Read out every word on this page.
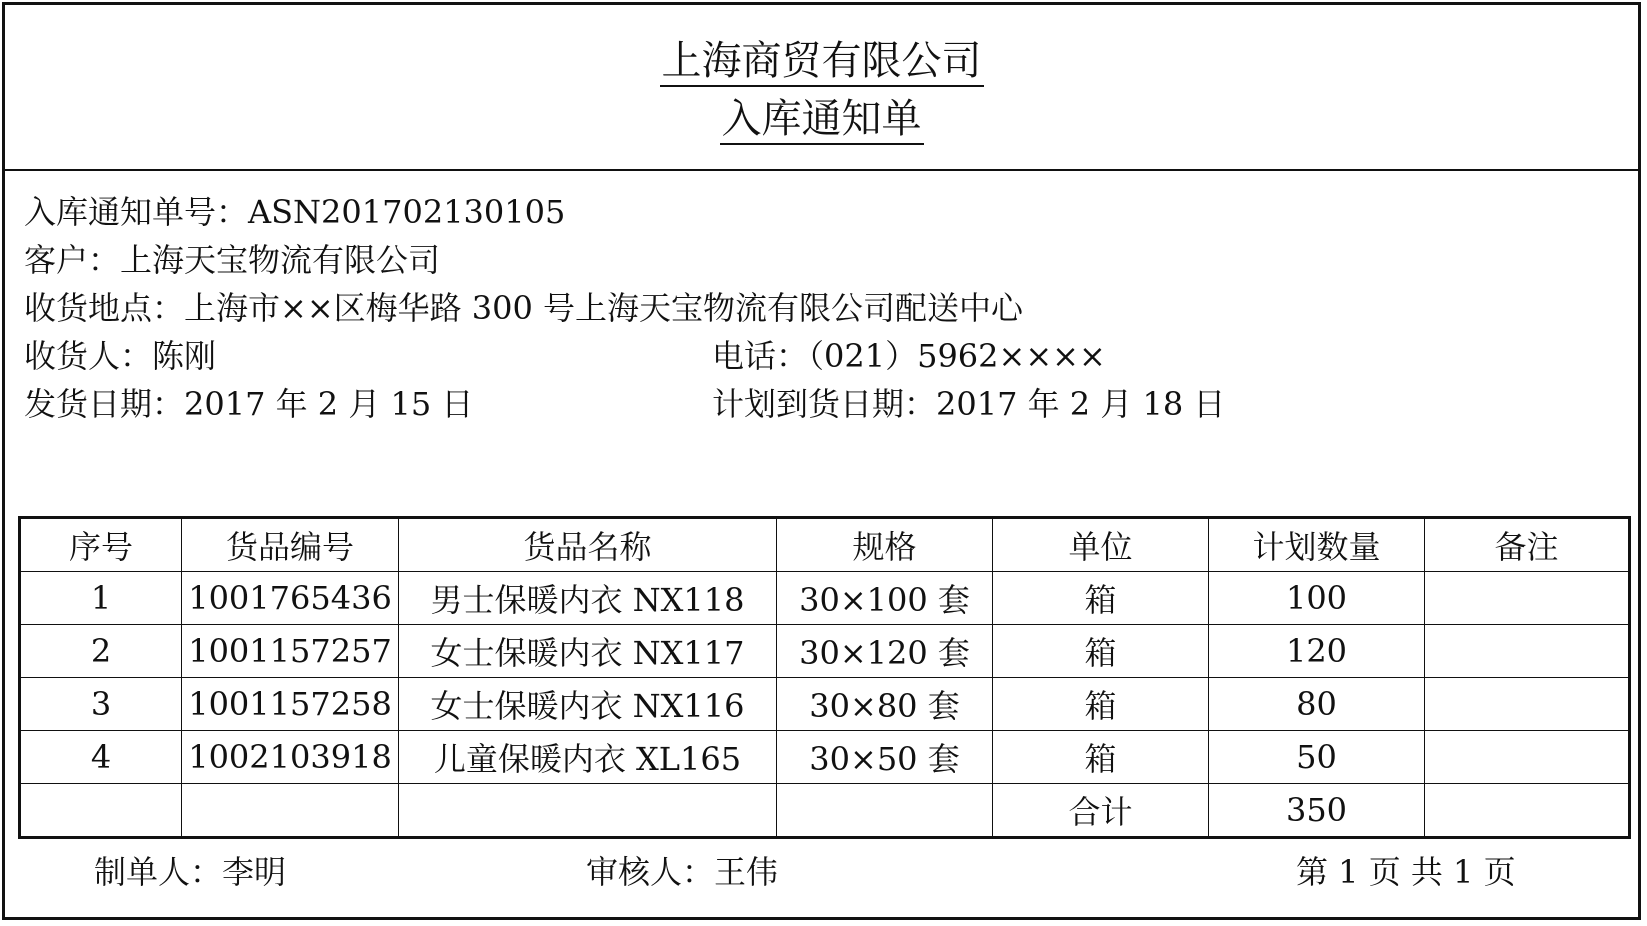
上海商贸有限公司
入库通知单
入库通知单号：ASN201702130105
客户：上海天宝物流有限公司
收货地点：上海市××区梅华路 300 号上海天宝物流有限公司配送中心
收货人：陈刚	电话：（021）5962××××
发货日期：2017 年 2 月 15 日	计划到货日期：2017 年 2 月 18 日
序号	货品编号	货品名称	规格	单位	计划数量	备注
1	1001765436	男士保暖内衣 NX118	30×100 套	箱	100	
2	1001157257	女士保暖内衣 NX117	30×120 套	箱	120	
3	1001157258	女士保暖内衣 NX116	30×80 套	箱	80	
4	1002103918	儿童保暖内衣 XL165	30×50 套	箱	50	
				合计	350	
制单人：李明	审核人：王伟	第 1 页 共 1 页
